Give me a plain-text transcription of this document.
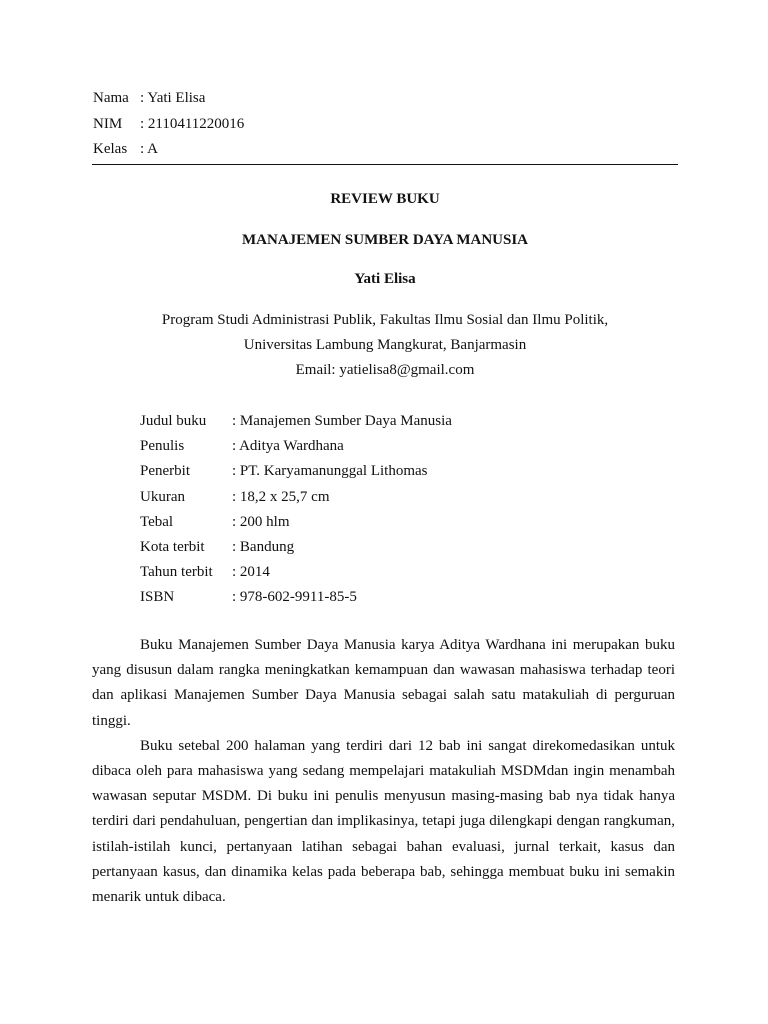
Nama : Yati Elisa
NIM	: 2110411220016
Kelas : A
REVIEW BUKU
MANAJEMEN SUMBER DAYA MANUSIA
Yati Elisa
Program Studi Administrasi Publik, Fakultas Ilmu Sosial dan Ilmu Politik,
Universitas Lambung Mangkurat, Banjarmasin
Email: yatielisa8@gmail.com
Judul buku	: Manajemen Sumber Daya Manusia
Penulis	: Aditya Wardhana
Penerbit	: PT. Karyamanunggal Lithomas
Ukuran	: 18,2 x 25,7 cm
Tebal	: 200 hlm
Kota terbit	: Bandung
Tahun terbit	: 2014
ISBN	: 978-602-9911-85-5

Buku Manajemen Sumber Daya Manusia karya Aditya Wardhana ini merupakan buku yang disusun dalam rangka meningkatkan kemampuan dan wawasan mahasiswa terhadap teori dan aplikasi Manajemen Sumber Daya Manusia sebagai salah satu matakuliah di perguruan tinggi.

Buku setebal 200 halaman yang terdiri dari 12 bab ini sangat direkomedasikan untuk dibaca oleh para mahasiswa yang sedang mempelajari matakuliah MSDMdan ingin menambah wawasan seputar MSDM. Di buku ini penulis menyusun masing-masing bab nya tidak hanya terdiri dari pendahuluan, pengertian dan implikasinya, tetapi juga dilengkapi dengan rangkuman, istilah-istilah kunci, pertanyaan latihan sebagai bahan evaluasi, jurnal terkait, kasus dan pertanyaan kasus, dan dinamika kelas pada beberapa bab, sehingga membuat buku ini semakin menarik untuk dibaca.
